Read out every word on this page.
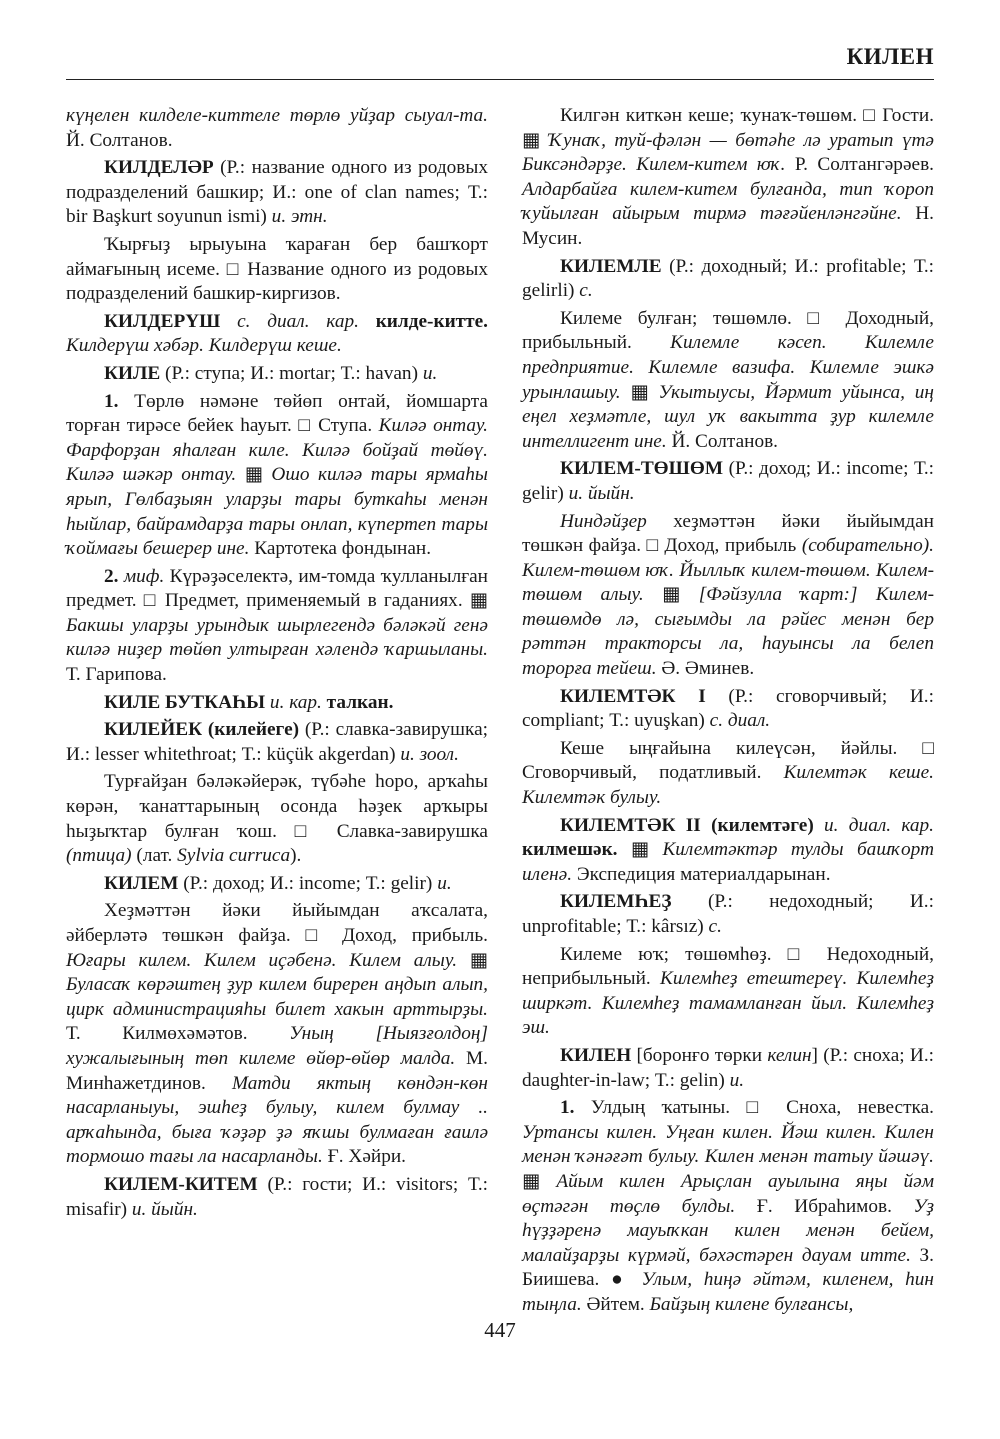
КИЛЕН

күңелен килделе-киттеле төрлө уйҙар сыуал-та. Й. Солтанов.

КИЛДЕЛӘР (Р.: название одного из родовых подразделений башкир; И.: one of clan names; Т.: bir Başkurt soyunun ismi) и. этн.

Ҡырғыҙ ырыуына ҡараған бер башҡорт аймағының исеме. □ Название одного из родовых подразделений башкир-киргизов.

КИЛДЕРҮШ с. диал. кар. килде-китте. Килдерүш хәбәр. Килдерүш кеше.

КИЛЕ (Р.: ступа; И.: mortar; Т.: havan) и.

1. Төрлө нәмәне төйөп онтай, йомшарта торған тирәсе бейек һауыт. □ Ступа. Киләә онтау. Фарфорҙан яһалған киле. Киләә бойҙай төйөү. Киләә шәкәр онтау. ▦ Ошо киләә тары ярмаһы ярып, Гөлбаҙыян уларҙы тары буткаһы менән һыйлар, байрамдарҙа тары онлап, күпертеп тары ҡоймағы бешерер ине. Картотека фондынан.

2. миф. Күрәҙәселектә, им-томда ҡулланылған предмет. □ Предмет, применяемый в гаданиях. ▦ Бакшы уларҙы урындык шырлегендә бәләкәй генә киләә ниҙер төйөп ултырған хәлендә ҡаршыланы. Т. Гарипова.

КИЛЕ БУТКАҺЫ и. кар. талкан.

КИЛЕЙЕК (килейеге) (Р.: славка-завирушка; И.: lesser whitethroat; Т.: küçük akgerdan) и. зоол.

Турғайҙан бәләкәйерәк, түбәһе һоро, арҡаһы көрән, ҡанаттарының осонда һәҙек арҡыры һыҙыҡтар булған ҡош. □ Славка-завирушка (птица) (лат. Sylvia curruca).

КИЛЕМ (Р.: доход; И.: income; Т.: gelir) и.

Хеҙмәттән йәки йыйымдан аҡсалата, әйберләтә төшкән файҙа. □ Доход, прибыль. Юғары килем. Килем иҫәбенә. Килем алыу. ▦ Буласаҡ көрәштең ҙур килем биререн аңдып алып, цирк администрацияһы билет хакын арттырҙы. Т. Килмөхәмәтов. Уның [Ныязғолдоң] хужалығының төп килеме өйөр-өйөр малда. М. Минһажетдинов. Матди яктың көндән-көн насарланыуы, эшһеҙ булыу, килем булмау .. арҡаһында, быға ҡәҙәр ҙә яҡшы булмаған ғаилә тормошо тағы ла насарланды. Ғ. Хәйри.

КИЛЕМ-КИТЕМ (Р.: гости; И.: visitors; Т.: misafir) и. йыйн.

Килгән киткән кеше; ҡунаҡ-төшөм. □ Гости. ▦ Ҡунаҡ, туй-фәлән — бөтәһе лә уратып үтә Биксәндәрҙе. Килем-китем юҡ. Р. Солтангәрәев. Алдарбайға килем-китем булғанда, тип ҡороп ҡуйылған айырым тирмә тәғәйенләнгәйне. Н. Мусин.

КИЛЕМЛЕ (Р.: доходный; И.: profitable; Т.: gelirli) с.

Килеме булған; төшөмлө. □ Доходный, прибыльный. Килемле кәсеп. Килемле предприятие. Килемле вазифа. Килемле эшкә урынлашыу. ▦ Укытыусы, Йәрмит уйынса, иң еңел хеҙмәтле, шул уҡ вакытта ҙур килемле интеллигент ине. Й. Солтанов.

КИЛЕМ-ТӨШӨМ (Р.: доход; И.: income; Т.: gelir) и. йыйн.

Ниндәйҙер хеҙмәттән йәки йыйымдан төшкән файҙа. □ Доход, прибыль (собирательно). Килем-төшөм юҡ. Йыллыҡ килем-төшөм. Килем-төшөм алыу. ▦ [Фәйзулла ҡарт:] Килем-төшөмдө лә, сығымды ла рәйес менән бер рәттән тракторсы ла, һауынсы ла белеп торорға тейеш. Ә. Әминев.

КИЛЕМТӘК I (Р.: сговорчивый; И.: compliant; Т.: uyuşkan) с. диал.

Кеше ыңғайына килеүсән, йәйлы. □ Сговорчивый, податливый. Килемтәк кеше. Килемтәк булыу.

КИЛЕМТӘК II (килемтәге) и. диал. кар. килмешәк. ▦ Килемтәктәр тулды башҡорт иленә. Экспедиция материалдарынан.

КИЛЕМҺЕҘ (Р.: недоходный; И.: unprofitable; Т.: kârsız) с.

Килеме юҡ; төшөмһөҙ. □ Недоходный, неприбыльный. Килемһеҙ етештереү. Килемһеҙ ширкәт. Килемһеҙ тамамланған йыл. Килемһеҙ эш.

КИЛЕН [боронғо төрки келин] (Р.: сноха; И.: daughter-in-law; Т.: gelin) и.

1. Улдың ҡатыны. □ Сноха, невестка. Уртансы килен. Уңған килен. Йәш килен. Килен менән ҡәнәғәт булыу. Килен менән татыу йәшәү. ▦ Айым килен Арыҫлан ауылына яңы йәм өҫтәгән төҫлө булды. Ғ. Ибраһимов. Уҙ һүҙҙәренә мауыҡкан килен менән бейем, малайҙарҙы күрмәй, бәхәстәрен дауам итте. З. Биишева. ● Улым, һиңә әйтәм, киленем, һин тыңла. Әйтем. Байҙың килене булғансы,

447
